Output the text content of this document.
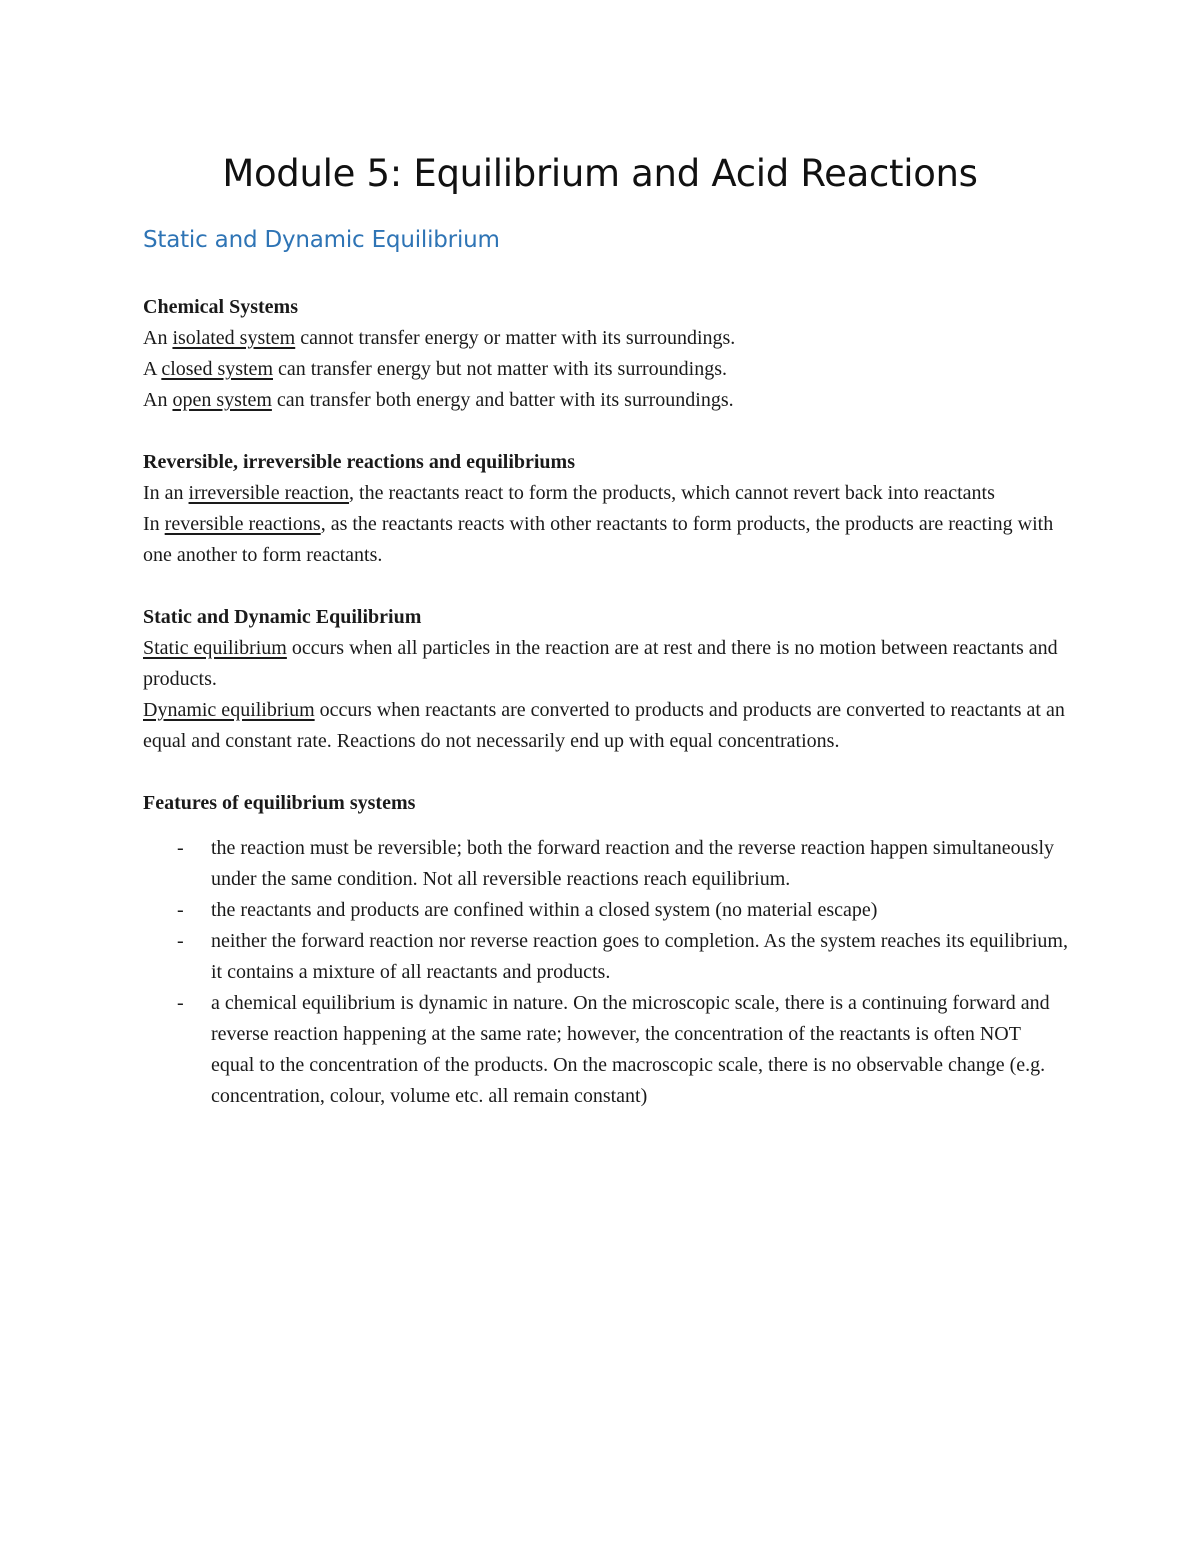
Module 5: Equilibrium and Acid Reactions
Static and Dynamic Equilibrium

Chemical Systems

An isolated system cannot transfer energy or matter with its surroundings.

A closed system can transfer energy but not matter with its surroundings.

An open system can transfer both energy and batter with its surroundings.

Reversible, irreversible reactions and equilibriums

In an irreversible reaction, the reactants react to form the products, which cannot revert back into reactants

In reversible reactions, as the reactants reacts with other reactants to form products, the products are reacting with one another to form reactants.

Static and Dynamic Equilibrium

Static equilibrium occurs when all particles in the reaction are at rest and there is no motion between reactants and products.

Dynamic equilibrium occurs when reactants are converted to products and products are converted to reactants at an equal and constant rate. Reactions do not necessarily end up with equal concentrations.

Features of equilibrium systems

- the reaction must be reversible; both the forward reaction and the reverse reaction happen simultaneously under the same condition. Not all reversible reactions reach equilibrium.
- the reactants and products are confined within a closed system (no material escape)
- neither the forward reaction nor reverse reaction goes to completion. As the system reaches its equilibrium, it contains a mixture of all reactants and products.
- a chemical equilibrium is dynamic in nature. On the microscopic scale, there is a continuing forward and reverse reaction happening at the same rate; however, the concentration of the reactants is often NOT equal to the concentration of the products. On the macroscopic scale, there is no observable change (e.g. concentration, colour, volume etc. all remain constant)
